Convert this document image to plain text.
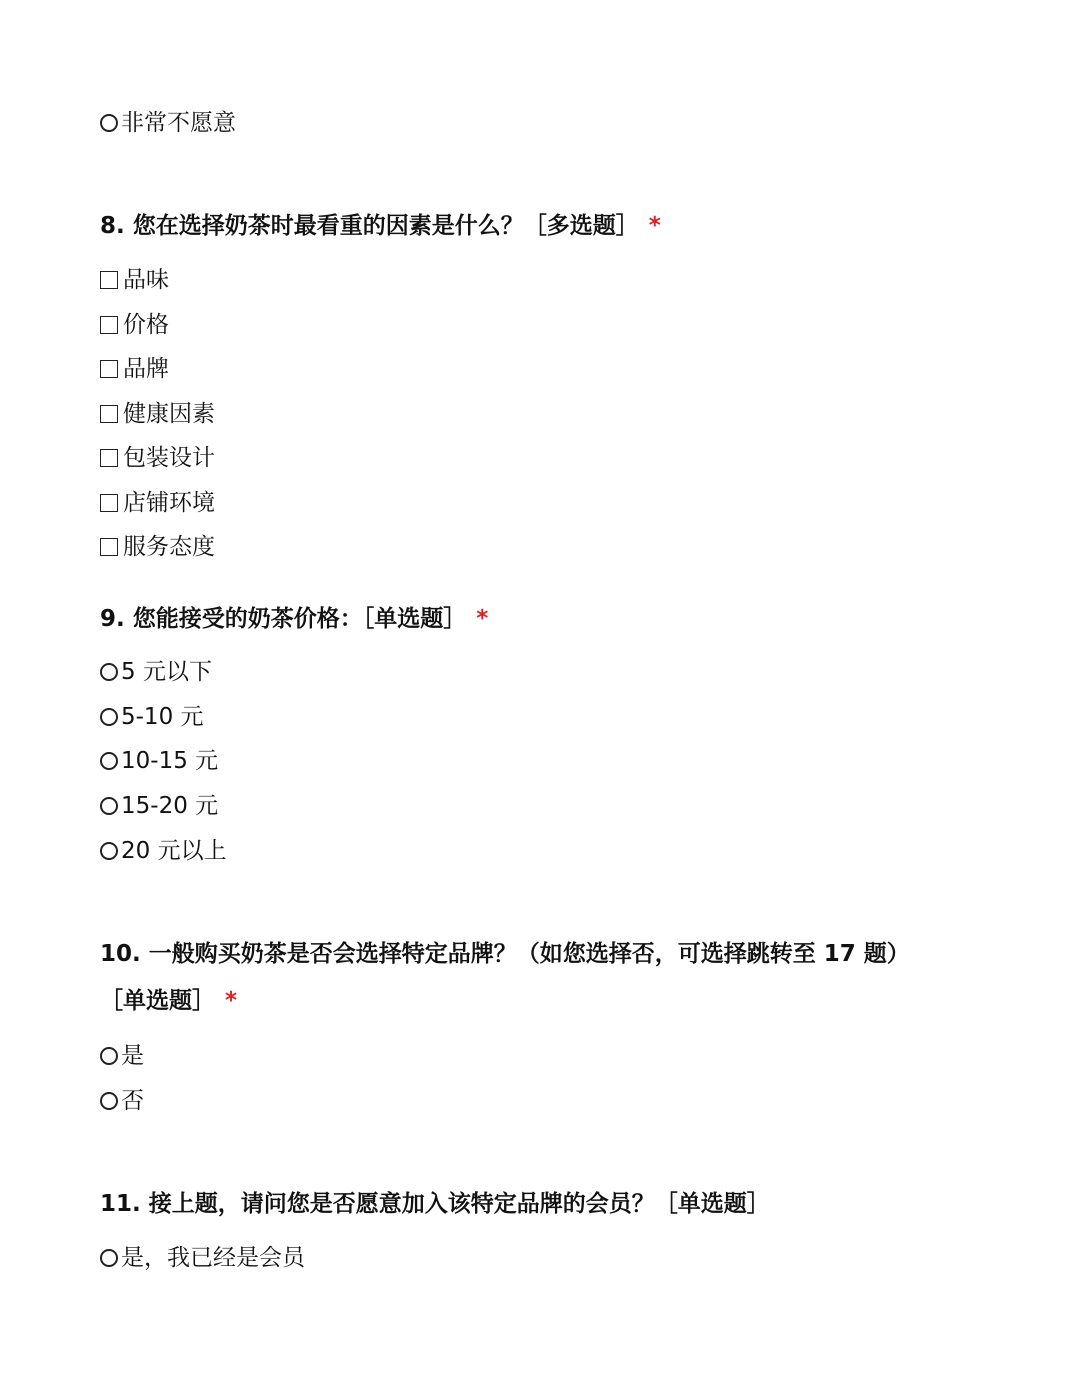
非常不愿意
8. 您在选择奶茶时最看重的因素是什么？［多选题］ *
品味
价格
品牌
健康因素
包装设计
店铺环境
服务态度
9. 您能接受的奶茶价格：［单选题］ *
5 元以下
5-10 元
10-15 元
15-20 元
20 元以上
10. 一般购买奶茶是否会选择特定品牌？（如您选择否，可选择跳转至 17 题）
［单选题］ *
是
否
11. 接上题，请问您是否愿意加入该特定品牌的会员？［单选题］
是，我已经是会员
